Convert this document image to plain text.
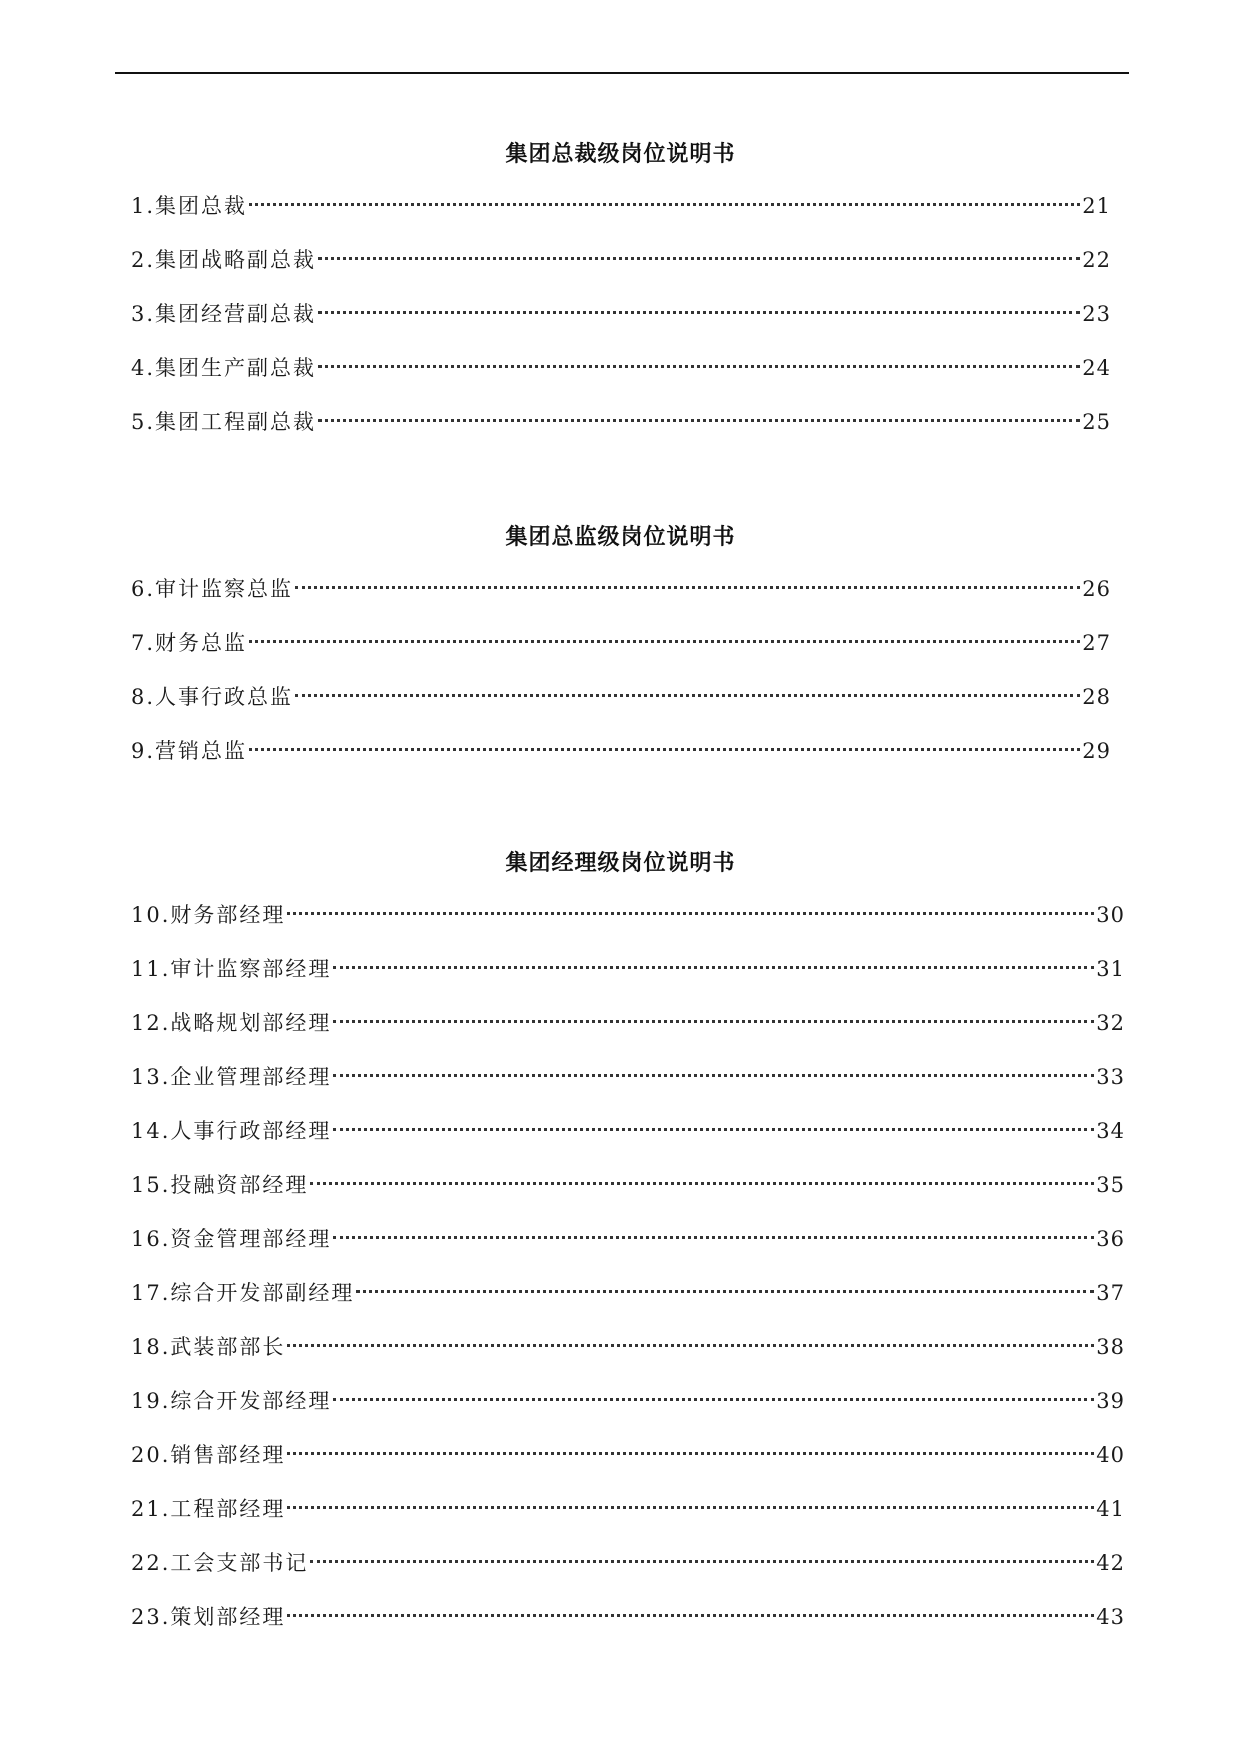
集团总裁级岗位说明书
1.集团总裁	21
2.集团战略副总裁	22
3.集团经营副总裁	23
4.集团生产副总裁	24
5.集团工程副总裁	25
集团总监级岗位说明书
6.审计监察总监	26
7.财务总监	27
8.人事行政总监	28
9.营销总监	29
集团经理级岗位说明书
10.财务部经理	30
11.审计监察部经理	31
12.战略规划部经理	32
13.企业管理部经理	33
14.人事行政部经理	34
15.投融资部经理	35
16.资金管理部经理	36
17.综合开发部副经理	37
18.武装部部长	38
19.综合开发部经理	39
20.销售部经理	40
21.工程部经理	41
22.工会支部书记	42
23.策划部经理	43
